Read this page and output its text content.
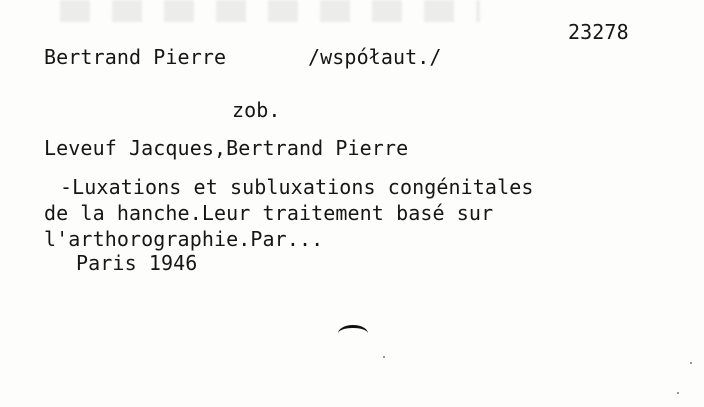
23278
Bertrand Pierre	/współaut./
zob.
Leveuf Jacques,Bertrand Pierre
-Luxations et subluxations congénitales
de la hanche.Leur traitement basé sur
l'arthorographie.Par...
Paris 1946
